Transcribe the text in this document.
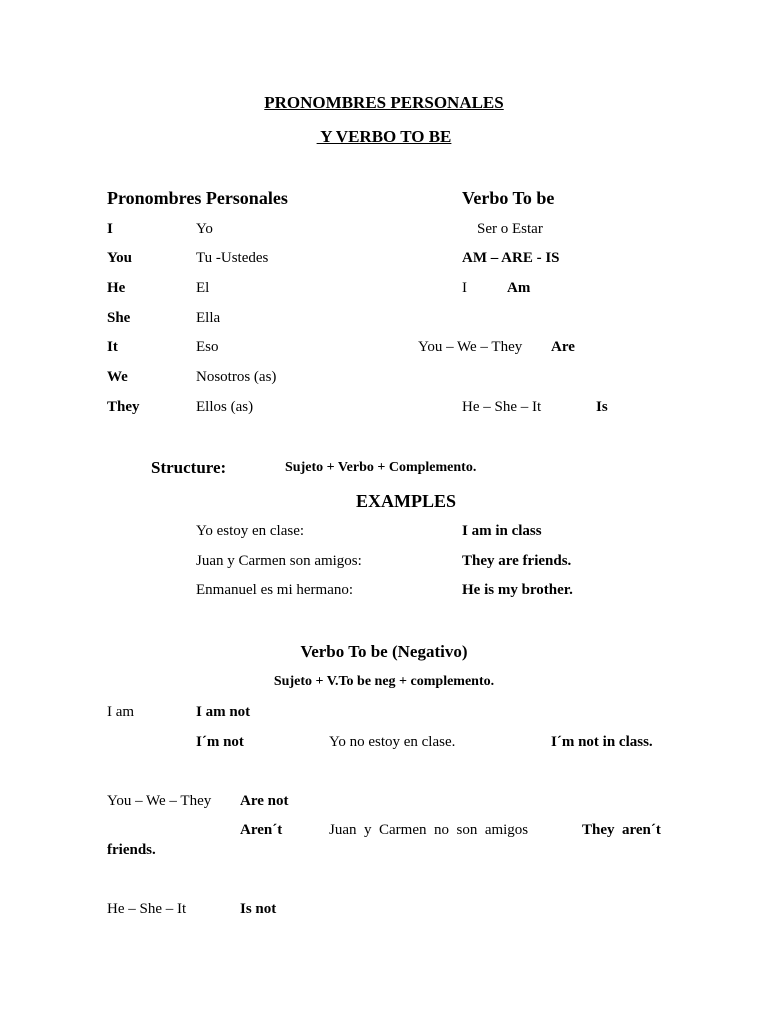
PRONOMBRES PERSONALES
Y VERBO TO BE
Pronombres Personales	Verbo To be
I	Yo
You	Tu -Ustedes
He	El
She	Ella
It	Eso
We	Nosotros (as)
They	Ellos (as)
Ser o Estar
AM – ARE - IS
I	Am
You – We – They Are
He – She – It	Is
Structure:	Sujeto + Verbo + Complemento.
EXAMPLES
Yo estoy en clase:	I am in class
Juan y Carmen son amigos:	They are friends.
Enmanuel es mi hermano:	He is my brother.
Verbo To be (Negativo)
Sujeto + V.To be neg + complemento.
I am	I am not
I´m not	Yo no estoy en clase.	I´m not in class.
You – We – They Are not
Aren´t	Juan  y  Carmen  no  son  amigos	They  aren´t
friends.
He – She – It	Is not
